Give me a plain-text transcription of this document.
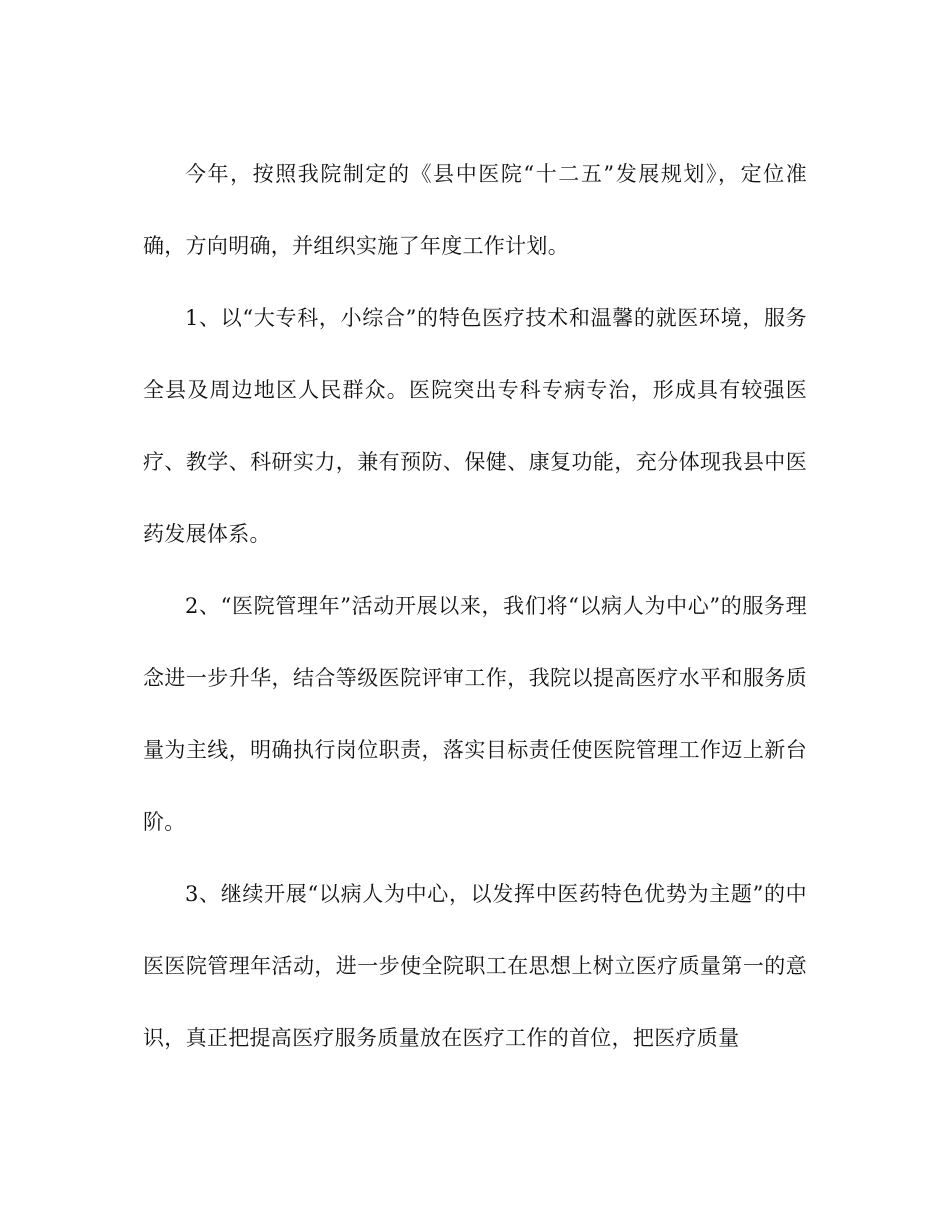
今年，按照我院制定的《县中医院“十二五”发展规划》，定位准确，方向明确，并组织实施了年度工作计划。

1、以“大专科，小综合”的特色医疗技术和温馨的就医环境，服务全县及周边地区人民群众。医院突出专科专病专治，形成具有较强医疗、教学、科研实力，兼有预防、保健、康复功能，充分体现我县中医药发展体系。

2、“医院管理年”活动开展以来，我们将“以病人为中心”的服务理念进一步升华，结合等级医院评审工作，我院以提高医疗水平和服务质量为主线，明确执行岗位职责，落实目标责任使医院管理工作迈上新台阶。

3、继续开展“以病人为中心，以发挥中医药特色优势为主题”的中医医院管理年活动，进一步使全院职工在思想上树立医疗质量第一的意识，真正把提高医疗服务质量放在医疗工作的首位，把医疗质量
